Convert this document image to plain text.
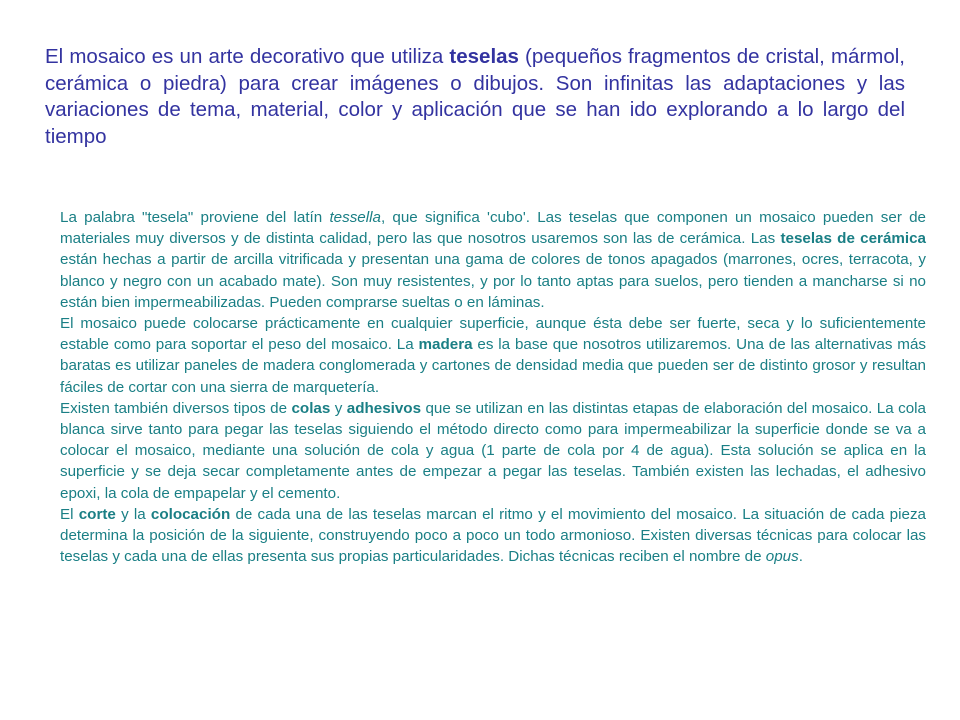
El mosaico es un arte decorativo que utiliza teselas (pequeños fragmentos de cristal, mármol, cerámica o piedra) para crear imágenes o dibujos. Son infinitas las adaptaciones y las variaciones de tema, material, color y aplicación que se han ido explorando a lo largo del tiempo

La palabra "tesela" proviene del latín tessella, que significa 'cubo'. Las teselas que componen un mosaico pueden ser de materiales muy diversos y de distinta calidad, pero las que nosotros usaremos son las de cerámica. Las teselas de cerámica están hechas a partir de arcilla vitrificada y presentan una gama de colores de tonos apagados (marrones, ocres, terracota, y blanco y negro con un acabado mate). Son muy resistentes, y por lo tanto aptas para suelos, pero tienden a mancharse si no están bien impermeabilizadas. Pueden comprarse sueltas o en láminas.

El mosaico puede colocarse prácticamente en cualquier superficie, aunque ésta debe ser fuerte, seca y lo suficientemente estable como para soportar el peso del mosaico. La madera es la base que nosotros utilizaremos. Una de las alternativas más baratas es utilizar paneles de madera conglomerada y cartones de densidad media que pueden ser de distinto grosor y resultan fáciles de cortar con una sierra de marquetería.

Existen también diversos tipos de colas y adhesivos que se utilizan en las distintas etapas de elaboración del mosaico. La cola blanca sirve tanto para pegar las teselas siguiendo el método directo como para impermeabilizar la superficie donde se va a colocar el mosaico, mediante una solución de cola y agua (1 parte de cola por 4 de agua). Esta solución se aplica en la superficie y se deja secar completamente antes de empezar a pegar las teselas. También existen las lechadas, el adhesivo epoxi, la cola de empapelar y el cemento.

El corte y la colocación de cada una de las teselas marcan el ritmo y el movimiento del mosaico. La situación de cada pieza determina la posición de la siguiente, construyendo poco a poco un todo armonioso. Existen diversas técnicas para colocar las teselas y cada una de ellas presenta sus propias particularidades. Dichas técnicas reciben el nombre de opus.
